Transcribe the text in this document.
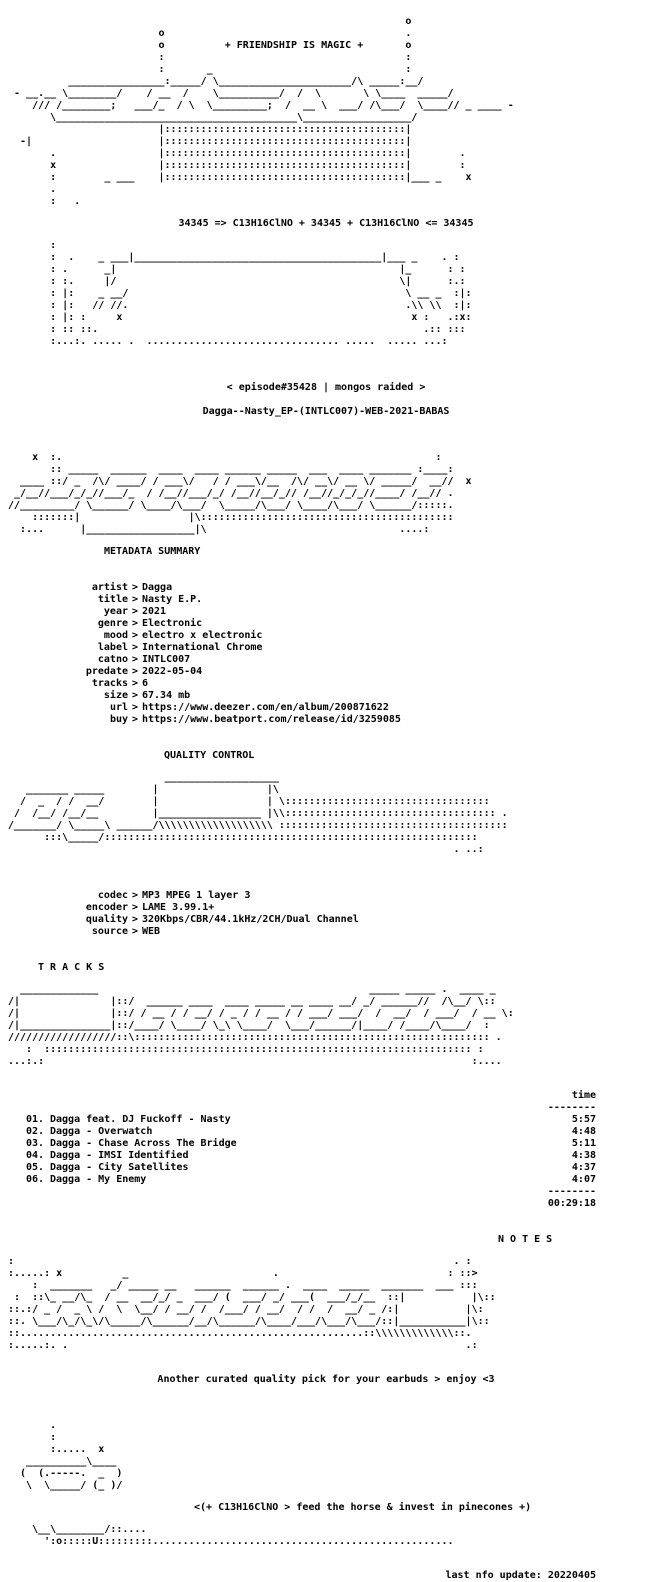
o
o                                        .
o          + FRIENDSHIP IS MAGIC +       o
:                                        :
:       _                                :
________________:_____/ \______________________/\ _____:__/
- __.__ \________/    / __  /    \__________/  /  \       \ \____  _____/
/// /________;   ___/_  / \  \_________;  /  __ \  ___/ /\___/  \____// _ ____ -
\________________________________________\__________________/
|::::::::::::::::::::::::::::::::::::::::|
-|                     |::::::::::::::::::::::::::::::::::::::::|
.                 |::::::::::::::::::::::::::::::::::::::::|        .
x                 |::::::::::::::::::::::::::::::::::::::::|        :
:        _ ___    |::::::::::::::::::::::::::::::::::::::::|___ _    x
.
:   .
34345 => C13H16ClNO + 34345 + C13H16ClNO <= 34345
:
:  .    _ ___|_________________________________________|___ _    . :
: .      _|                                               |_      : :
: :.     |/                                               \|      :.:
: |:    _ __/                                              \ __ _  :|:
: |:   // //.                                              .\\ \\  :|:
: |: :     x                                                x :   .:x:
: :: ::.                                                      .:: :::
:...:. ..... .  ................................ .....  ..... ...:
< episode#35428 | mongos raided >
Dagga--Nasty_EP-(INTLC007)-WEB-2021-BABAS
x  :.                                                              :
:: _____  ______  ____  ____ ______ _____  ___  ____ _______ :____:
____ ::/ _  /\/ ____/ / ___\/   / / ___\/__  /\/ __\/ __ \/ _____/  __//  x
_/__//___/_/_//___/_  / /__//___/_/ /__//__/_// /__//_/_/_//____/ /__// .
//_________/ \______/ \____/\___/  \_____/\___/ \____/\___/ \______/:::::.
:::::::|                  |\::::::::::::::::::::::::::::::::::::::::::
:...      |__________________|\                                ....:
METADATA SUMMARY
artist > Dagga
title > Nasty E.P.
year > 2021
genre > Electronic
mood > electro x electronic
label > International Chrome
catno > INTLC007
predate > 2022-05-04
tracks > 6
size > 67.34 mb
url > https://www.deezer.com/en/album/200871622
buy > https://www.beatport.com/release/id/3259085
QUALITY CONTROL
___________________
_______ _____        |                  |\
/  _  / /  __/        |                  | \::::::::::::::::::::::::::::::::::
/  /__/ /__/__         |_________________ |\\::::::::::::::::::::::::::::::::::: .
/_______/ \_____\ ______/\\\\\\\\\\\\\\\\\\\ ::::::::::::::::::::::::::::::::::::::
:::\_____/::::::::::::::::::::::::::::::::::::::::::::::::::::::::::::::
. ..:
codec > MP3 MPEG 1 layer 3
encoder > LAME 3.99.1+
quality > 320Kbps/CBR/44.1kHz/2CH/Dual Channel
source > WEB
T R A C K S
_____________                                             _____ _____ .  ____ _
/|               |::/  ______ ____  ____ _____ __ ____ __/ _/ ______//  /\__/ \::
/|               |::/ / __ / / __/ / _ / / __ / / ___/ ___/  /  __/  / ___/  / __ \:
/|_______________|::/____/ \____/ \_\ \____/  \___/______/|____/ /____/\____/  :
//////////////////::\::::::::::::::::::::::::::::::::::::::::::::::::::::::::::: .
:  ::::::::::::::::::::::::::::::::::::::::::::::::::::::::::::::::::::::: :
...:.:                                                                       :....
time
--------
01. Dagga feat. DJ Fuckoff - Nasty	5:57
02. Dagga - Overwatch	4:48
03. Dagga - Chase Across The Bridge	5:11
04. Dagga - IMSI Identified	4:38
05. Dagga - City Satellites	4:37
06. Dagga - My Enemy	4:07
--------
00:29:18
N O T E S
:                                                                         . :
:.....: x          _                        .                            : ::>
:  _______   _/ _____ __   ______  ______ .  ____  _____  _______  ___ :::
:  ::\_ __/\_  / __  __/_/ _  ___/ (  ___/ _/ ___(  ___/_/__  ::|           |\::
::.:/ _ /  _ \ /  \  \__/ / __/ /  /___/ / __/  / /  /  __/ _ /:|           |\:
::. \___/\_/\_\/\_____/\______/__/\______/\____/___/\___/\___/::|___________|\::
::.........................................................::\\\\\\\\\\\\\::.
:.....:. .                                                                  .:
Another curated quality pick for your earbuds > enjoy <3
.
:
:.....  x
__________\____
(  (.-----.  _  )
\  \_____/ (_ )/
<(+ C13H16ClNO > feed the horse & invest in pinecones +)
\__\________/::....
':o:::::U:::::::::..................................................
last nfo update: 20220405
